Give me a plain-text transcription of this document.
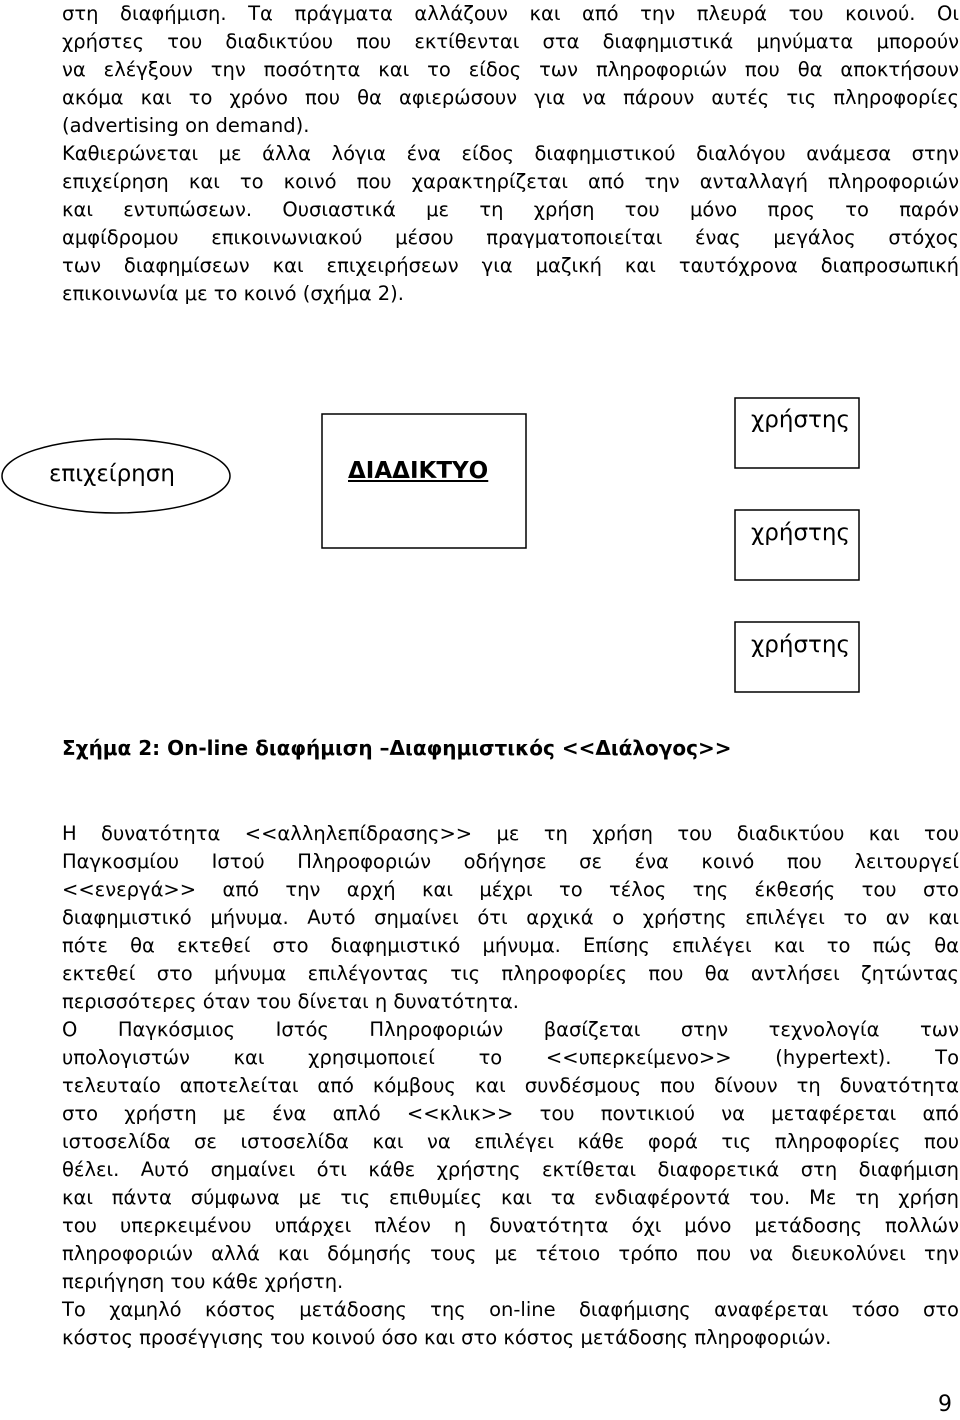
στη διαφήμιση. Τα πράγματα αλλάζουν και από την πλευρά του κοινού. Οι
χρήστες του διαδικτύου που εκτίθενται στα διαφημιστικά μηνύματα μπορούν
να ελέγξουν την ποσότητα και το είδος των πληροφοριών που θα αποκτήσουν
ακόμα και το χρόνο που θα αφιερώσουν για να πάρουν αυτές τις πληροφορίες
(advertising on demand).
Καθιερώνεται με άλλα λόγια ένα είδος διαφημιστικού διαλόγου ανάμεσα στην
επιχείρηση και το κοινό που χαρακτηρίζεται από την ανταλλαγή πληροφοριών
και εντυπώσεων. Ουσιαστικά με τη χρήση του μόνο προς το παρόν
αμφίδρομου επικοινωνιακού μέσου πραγματοποιείται ένας μεγάλος στόχος
των διαφημίσεων και επιχειρήσεων για μαζική και ταυτόχρονα διαπροσωπική
επικοινωνία με το κοινό (σχήμα 2).
επιχείρηση	ΔΙΑΔΙΚΤΥΟ
χρήστης
χρήστης
χρήστης
Σχήμα 2: On-line διαφήμιση –Διαφημιστικός <<Διάλογος>>
Η δυνατότητα <<αλληλεπίδρασης>> με τη χρήση του διαδικτύου και του
Παγκοσμίου Ιστού Πληροφοριών οδήγησε σε ένα κοινό που λειτουργεί
<<ενεργά>> από την αρχή και μέχρι το τέλος της έκθεσής του στο
διαφημιστικό μήνυμα. Αυτό σημαίνει ότι αρχικά ο χρήστης επιλέγει το αν και
πότε θα εκτεθεί στο διαφημιστικό μήνυμα. Επίσης επιλέγει και το πώς θα
εκτεθεί στο μήνυμα επιλέγοντας τις πληροφορίες που θα αντλήσει ζητώντας
περισσότερες όταν του δίνεται η δυνατότητα.
Ο Παγκόσμιος Ιστός Πληροφοριών βασίζεται στην τεχνολογία των
υπολογιστών και χρησιμοποιεί το <<υπερκείμενο>> (hypertext). Το
τελευταίο αποτελείται από κόμβους και συνδέσμους που δίνουν τη δυνατότητα
στο χρήστη με ένα απλό <<κλικ>> του ποντικιού να μεταφέρεται από
ιστοσελίδα σε ιστοσελίδα και να επιλέγει κάθε φορά τις πληροφορίες που
θέλει. Αυτό σημαίνει ότι κάθε χρήστης εκτίθεται διαφορετικά στη διαφήμιση
και πάντα σύμφωνα με τις επιθυμίες και τα ενδιαφέροντά του. Με τη χρήση
του υπερκειμένου υπάρχει πλέον η δυνατότητα όχι μόνο μετάδοσης πολλών
πληροφοριών αλλά και δόμησής τους με τέτοιο τρόπο που να διευκολύνει την
περιήγηση του κάθε χρήστη.
Το χαμηλό κόστος μετάδοσης της on-line διαφήμισης αναφέρεται τόσο στο
κόστος προσέγγισης του κοινού όσο και στο κόστος μετάδοσης πληροφοριών.
9
